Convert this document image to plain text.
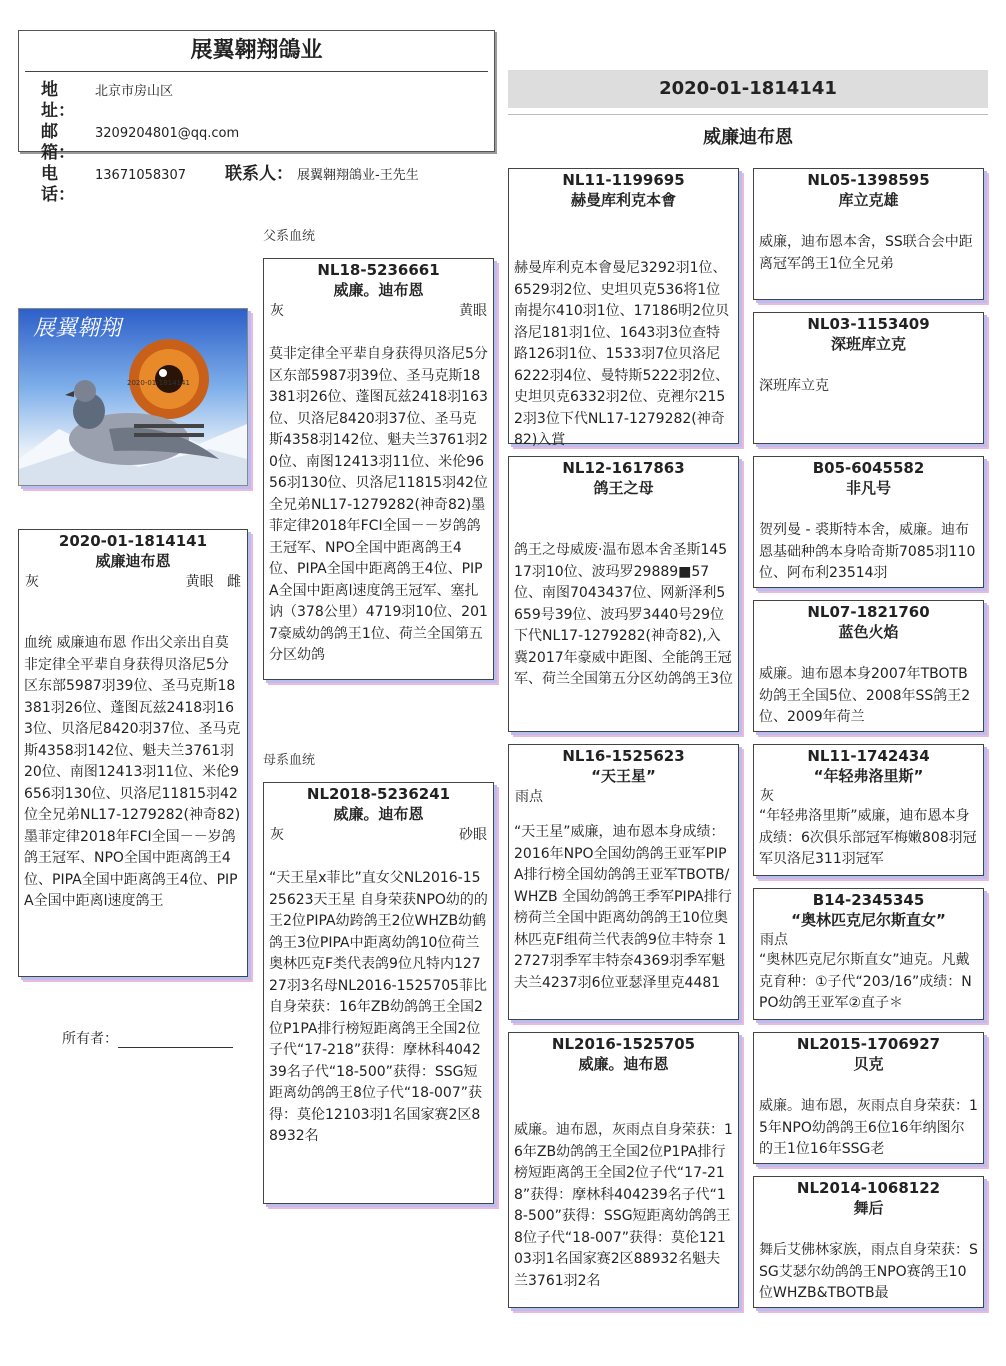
展翼翱翔鴿业
地 址：
北京市房山区
邮 箱：
3209204801@qq.com
电 话：
13671058307	联系人： 展翼翱翔鴿业-王先生
2020-01-1814141
威廉迪布恩
父系血统
母系血统
展翼翱翔
2020-01-1814141
2020-01-1814141
威廉迪布恩
灰	黄眼 雌
血统 威廉迪布恩 作出父亲出自莫非定律全平辈自身获得贝洛尼5分区东部5987羽39位、圣马克斯18381羽26位、蓬图瓦兹2418羽163位、贝洛尼8420羽37位、圣马克斯4358羽142位、魁夫兰3761羽20位、南图12413羽11位、米伦9656羽130位、贝洛尼11815羽42位全兄弟NL17-1279282(神奇82)墨菲定律2018年FCI全国－－岁鸽鸽王冠军、NPO全国中距离鸽王4位、PIPA全国中距离鸽王4位、PIPA全国中距离l速度鸽王
所有者：
NL18-5236661
威廉。迪布恩
灰	黄眼
莫非定律全平辈自身获得贝洛尼5分区东部5987羽39位、圣马克斯18381羽26位、蓬图瓦兹2418羽163位、贝洛尼8420羽37位、圣马克斯4358羽142位、魁夫兰3761羽20位、南图12413羽11位、米伦9656羽130位、贝洛尼11815羽42位全兄弟NL17-1279282(神奇82)墨菲定律2018年FCI全国－－岁鸽鸽王冠军、NPO全国中距离鸽王4位、PIPA全国中距离鸽王4位、PIPA全国中距离l速度鸽王冠军、塞扎讷（378公里）4719羽10位、2017豪威幼鸽鸽王1位、荷兰全国第五分区幼鸽
NL2018-5236241
威廉。迪布恩
灰	砂眼
“天王星x菲比”直女父NL2016-1525623天王星 自身荣获NPO幼的的王2位PIPA幼跨鸽王2位WHZB幼鹤鸽王3位PIPA中距离幼鸽10位荷兰奥林匹克F类代表鸽9位凡特内12727羽3名母NL2016-1525705菲比 自身荣获：16年ZB幼鸽鸽王全国2位P1PA排行榜短距离鸽王全国2位子代“17-218”获得：摩林科404239名子代“18-500”获得：SSG短距离幼鸽鸽王8位子代“18-007”获得：莫伦12103羽1名国家赛2区88932名
NL11-1199695
赫曼库利克本會
赫曼库利克本會曼尼3292羽1位、6529羽2位、史坦贝克536将1位南提尔410羽1位、17186明2位贝洛尼181羽1位、1643羽3位查特路126羽1位、1533羽7位贝洛尼 6222羽4位、曼特斯5222羽2位、史坦贝克6332羽2位、克裡尔2152羽3位下代NL17-1279282(神奇82)入賞
NL12-1617863
鸽王之母
鸽王之母威废·温布恩本舍圣斯14517羽10位、波玛罗29889■57位、南图7043437位、网新泽利5659号39位、波玛罗3440号29位下代NL17-1279282(神奇82),入冀2017年豪威中距图、全能鸽王冠军、荷兰全国第五分区幼鸽鸽王3位
NL16-1525623
“天王星”
雨点
“天王星”威廉，迪布恩本身成绩：2016年NPO全国幼鸽鸽王亚军PIPA排行榜全国幼鸽鸽王亚军TBOTB/WHZB 全国幼鸽鸽王季军PIPA排行榜荷兰全国中距离幼鸽鸽王10位奥林匹克F组荷兰代表鸽9位丰特奈 12727羽季军丰特奈4369羽季军魁夫兰4237羽6位亚瑟泽里克4481
NL2016-1525705
威廉。迪布恩
威廉。迪布恩，灰雨点自身荣获：16年ZB幼鸽鸽王全国2位P1PA排行榜短距离鸽王全国2位子代“17-218”获得：摩林科404239名子代“18-500”获得：SSG短距离幼鸽鸽王8位子代“18-007”获得：莫伦12103羽1名国家赛2区88932名魁夫兰3761羽2名
NL05-1398595
库立克雄
威廉，迪布恩本舍，SS联合会中距离冠军鸽王1位全兄弟
NL03-1153409
深班库立克
深班库立克
B05-6045582
非凡号
贺列曼 - 裘斯特本舍，威廉。迪布恩基础种鸽本身哈奇斯7085羽110位、阿布利23514羽
NL07-1821760
蓝色火焰
威廉。迪布恩本身2007年TBOTB幼鸽王全国5位、2008年SS鸽王2位、2009年荷兰
NL11-1742434
“年轻弗洛里斯”
灰
“年轻弗洛里斯”威廉，迪布恩本身成绩：6次俱乐部冠军梅嫩808羽冠军贝洛尼311羽冠军
B14-2345345
“奥林匹克尼尔斯直女”
雨点
“奥林匹克尼尔斯直女”迪克。凡戴克育种：①子代“203/16”成绩：NPO幼鸽王亚军②直子＊
NL2015-1706927
贝克
威廉。迪布恩，灰雨点自身荣获：15年NPO幼鸽鸽王6位16年纳图尔的王1位16年SSG老
NL2014-1068122
舞后
舞后艾佛林家族，雨点自身荣获：SSG艾瑟尔幼鸽鸽王NPO赛鸽王10位WHZB&TBOTB最
